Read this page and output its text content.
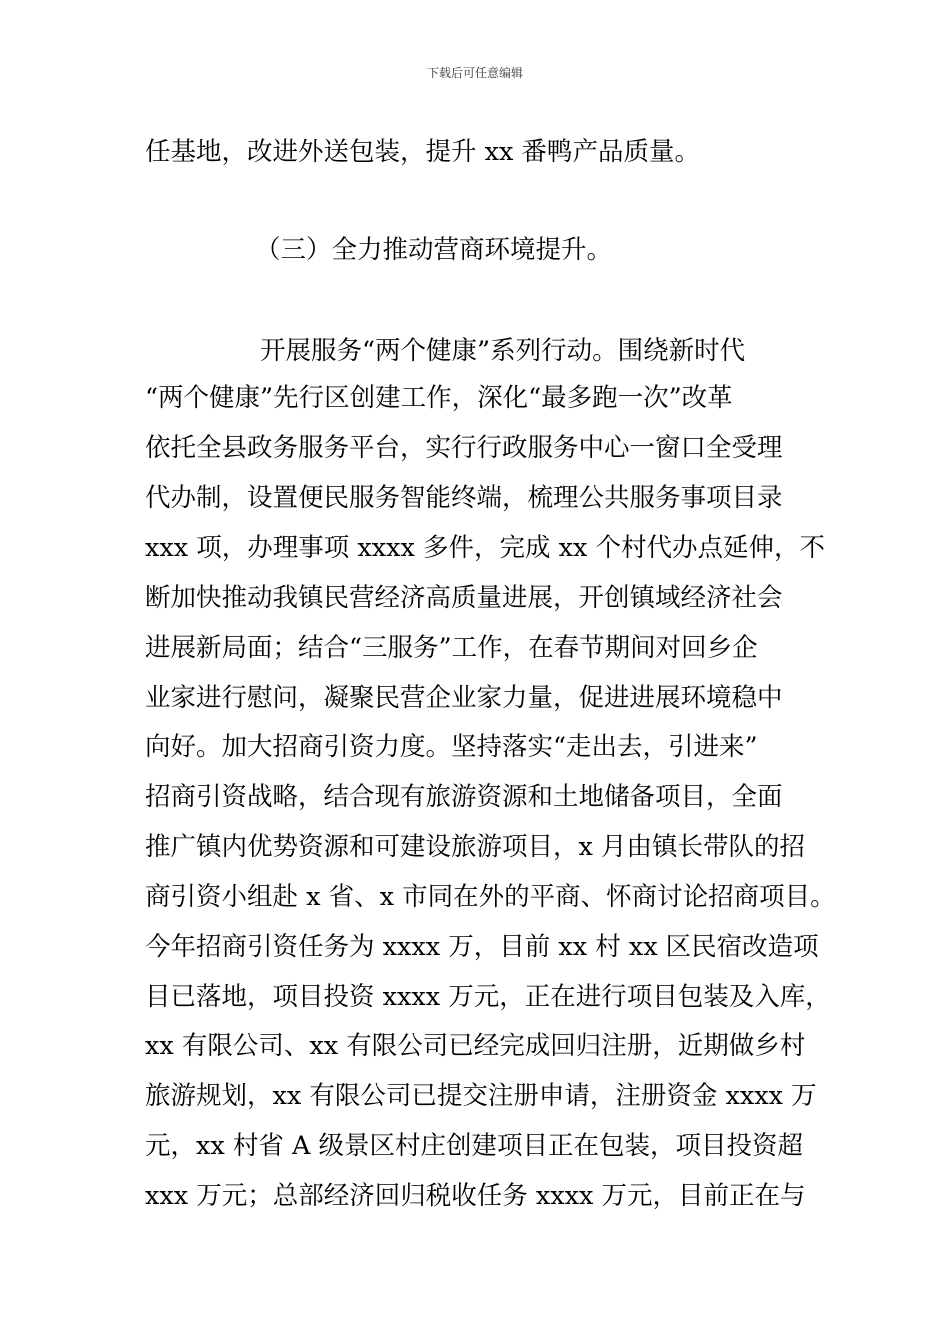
下载后可任意编辑
任基地，改进外送包装，提升 xx 番鸭产品质量。
（三）全力推动营商环境提升。
开展服务“两个健康”系列行动。围绕新时代
“两个健康”先行区创建工作，深化“最多跑一次”改革
依托全县政务服务平台，实行行政服务中心一窗口全受理
代办制，设置便民服务智能终端，梳理公共服务事项目录
xxx 项，办理事项 xxxx 多件，完成 xx 个村代办点延伸，不
断加快推动我镇民营经济高质量进展，开创镇域经济社会
进展新局面；结合“三服务”工作，在春节期间对回乡企
业家进行慰问，凝聚民营企业家力量，促进进展环境稳中
向好。加大招商引资力度。坚持落实“走出去，引进来”
招商引资战略，结合现有旅游资源和土地储备项目，全面
推广镇内优势资源和可建设旅游项目，x 月由镇长带队的招
商引资小组赴 x 省、x 市同在外的平商、怀商讨论招商项目。
今年招商引资任务为 xxxx 万，目前 xx 村 xx 区民宿改造项
目已落地，项目投资 xxxx 万元，正在进行项目包装及入库，
xx 有限公司、xx 有限公司已经完成回归注册，近期做乡村
旅游规划，xx 有限公司已提交注册申请，注册资金 xxxx 万
元，xx 村省 A 级景区村庄创建项目正在包装，项目投资超
xxx 万元；总部经济回归税收任务 xxxx 万元，目前正在与
